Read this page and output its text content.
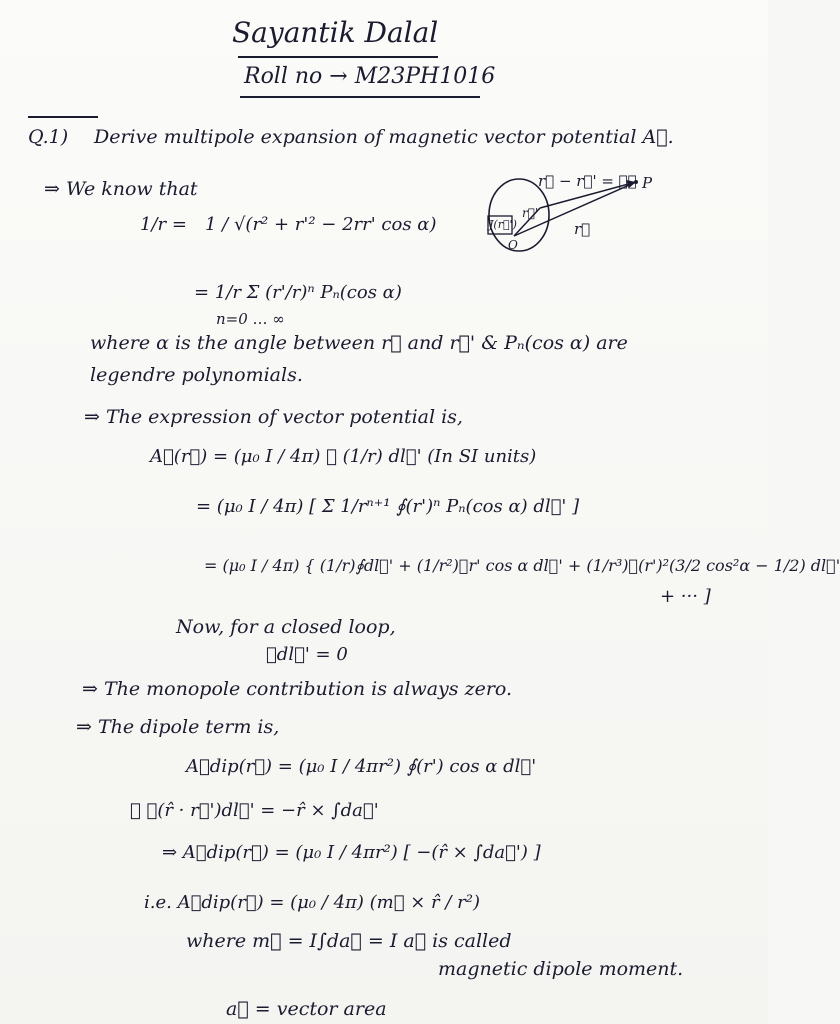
Sayantik Dalal
Roll no → M23PH1016
Q.1) Derive multipole expansion of magnetic vector potential A⃗.
⇒ We know that
1/r = 1 / √(r² + r'² − 2rr' cos α)
= 1/r Σ (r'/r)ⁿ Pₙ(cos α)
n=0 … ∞
where α is the angle between r⃗ and r⃗' & Pₙ(cos α) are
legendre polynomials.
⇒ The expression of vector potential is,
A⃗(r⃗) = (μ₀ I / 4π) ∮ (1/r) dl⃗' (In SI units)
= (μ₀ I / 4π) [ Σ 1/rⁿ⁺¹ ∮(r')ⁿ Pₙ(cos α) dl⃗' ]
= (μ₀ I / 4π) { (1/r)∮dl⃗' + (1/r²)∮r' cos α dl⃗' + (1/r³)∮(r')²(3/2 cos²α − 1/2) dl⃗'
+ ··· ]
Now, for a closed loop,
∮dl⃗' = 0
⇒ The monopole contribution is always zero.
⇒ The dipole term is,
A⃗dip(r⃗) = (μ₀ I / 4πr²) ∮(r') cos α dl⃗'
∴ ∮(r̂ · r⃗')dl⃗' = −r̂ × ∫da⃗'
⇒ A⃗dip(r⃗) = (μ₀ I / 4πr²) [ −(r̂ × ∫da⃗') ]
i.e. A⃗dip(r⃗) = (μ₀ / 4π) (m⃗ × r̂ / r²)
where m⃗ = I∫da⃗ = I a⃗ is called
magnetic dipole moment.
a⃗ = vector area
r⃗ − r⃗' = 𝓇⃗ P
J(r⃗')
r⃗'
r⃗
O
